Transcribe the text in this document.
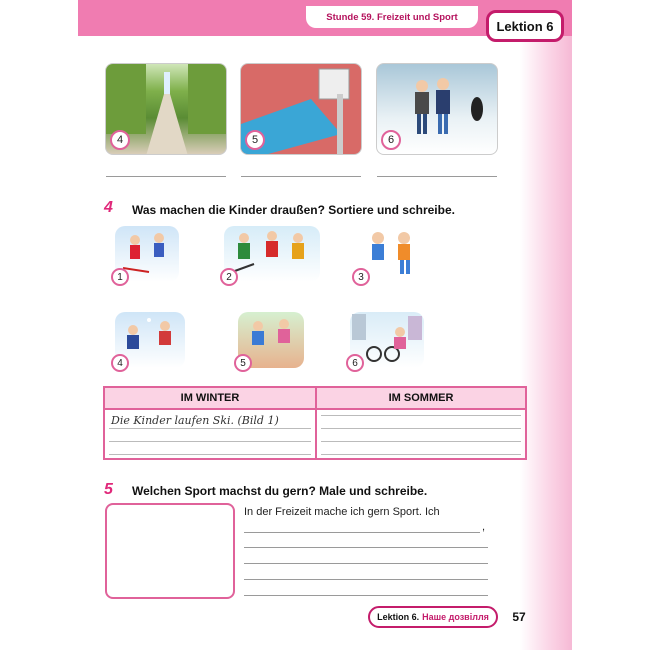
Stunde 59. Freizeit und Sport
Lektion 6
4	5	6
4 Was machen die Kinder draußen? Sortiere und schreibe.
1	2	3
4	5	6
IM WINTER	IM SOMMER
Die Kinder laufen Ski. (Bild 1)
5 Welchen Sport machst du gern? Male und schreibe.
In der Freizeit mache ich gern Sport. Ich
,
Lektion 6. Наше дозвілля	57
